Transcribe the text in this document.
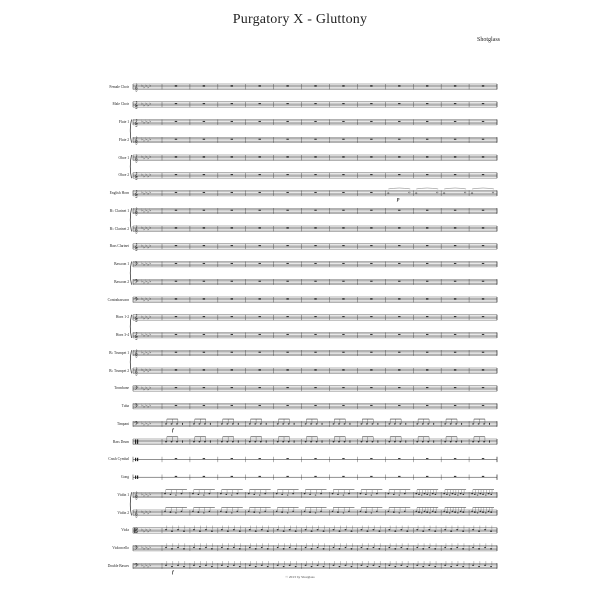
Purgatory X - Gluttony
Shotglass
𝄞 ♭ ♭ ♭ ♭ ♭
𝄞 ♭ ♭ ♭ ♭ ♭
𝄞 ♭ ♭ ♭ ♭ ♭
𝄞 ♭ ♭ ♭ ♭ ♭
𝄞 ♭ ♭ ♭ ♭ ♭
𝄞 ♭ ♭ ♭ ♭ ♭
𝄞 ♭ ♭ ♭ ♭ ♭
𝄞 ♭ ♭ ♭ ♭ ♭
𝄞 ♭ ♭ ♭ ♭ ♭
𝄞 ♭ ♭ ♭ ♭ ♭
𝄢 ♭ ♭ ♭ ♭ ♭
𝄢 ♭ ♭ ♭ ♭ ♭
𝄢 ♭ ♭ ♭ ♭ ♭
𝄞 ♭ ♭ ♭ ♭ ♭
𝄞 ♭ ♭ ♭ ♭ ♭
𝄞 ♭ ♭ ♭ ♭ ♭
𝄞 ♭ ♭ ♭ ♭ ♭
𝄢 ♭ ♭ ♭ ♭ ♭
𝄢 ♭ ♭ ♭ ♭ ♭
𝄢 ♭ ♭ ♭ ♭ ♭
𝄞 ♭ ♭ ♭ ♭ ♭
𝄞 ♭ ♭ ♭ ♭ ♭
𝄡 ♭ ♭ ♭ ♭ ♭
𝄢 ♭ ♭ ♭ ♭ ♭
𝄢 ♭ ♭ ♭ ♭ ♭
f
f
p
Female Choir
Male Choir
Flute 1
Flute 2
Oboe 1
Oboe 2
English Horn
B♭ Clarinet 1
B♭ Clarinet 2
Bass Clarinet
Bassoon 1
Bassoon 2
Contrabassoon
Horn 1-2
Horn 3-4
B♭ Trumpet 1
B♭ Trumpet 2
Trombone
Tuba
Timpani
Bass Drum
Crash Cymbal
Gong
Violin 1
Violin 2
Viola
Violoncello
Double Basses
© 2013 by Shotglass
